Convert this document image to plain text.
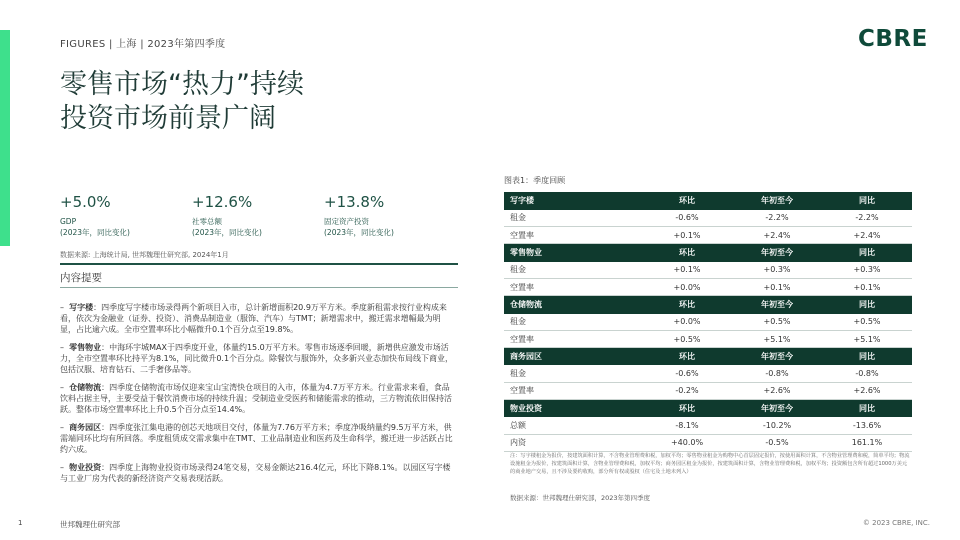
FIGURES | 上海 | 2023年第四季度	CBRE
零售市场“热力”持续
投资市场前景广阔
+5.0%
GDP
(2023年，同比变化)
+12.6%
社零总额
(2023年，同比变化)
+13.8%
固定资产投资
(2023年，同比变化)
数据来源: 上海统计局, 世邦魏理仕研究部, 2024年1月
内容提要
–  写字楼：四季度写字楼市场录得两个新项目入市，总计新增面积20.9万平方米。季度新租需求按行业构成来看，依次为金融业（证券、投资）、消费品制造业（服饰、汽车）与TMT；新增需求中，搬迁需求增幅最为明显，占比逾六成。全市空置率环比小幅微升0.1个百分点至19.8%。
–  零售物业：中海环宇城MAX于四季度开业，体量约15.0万平方米。零售市场逐季回暖，新增供应激发市场活力，全市空置率环比持平为8.1%，同比微升0.1个百分点。除餐饮与服饰外，众多新兴业态加快布局线下商业，包括汉服、培育钻石、二手奢侈品等。
–  仓储物流：四季度仓储物流市场仅迎来宝山宝湾快仓项目的入市，体量为4.7万平方米。行业需求来看，食品饮料占据主导，主要受益于餐饮消费市场的持续升温；受制造业受医药和储能需求的推动，三方物流依旧保持活跃。整体市场空置率环比上升0.5个百分点至14.4%。
–  商务园区：四季度张江集电港的创芯天地项目交付，体量为7.76万平方米；季度净吸纳量约9.5万平方米，供需端同环比均有所回落。季度租赁成交需求集中在TMT、工业品制造业和医药及生命科学，搬迁进一步活跃占比约六成。
–  物业投资：四季度上海物业投资市场录得24笔交易，交易金额达216.4亿元，环比下降8.1%。以园区写字楼与工业厂房为代表的新经济资产交易表现活跃。
图表1：季度回顾
写字楼	环比	年初至今	同比
租金	-0.6%	-2.2%	-2.2%
空置率	+0.1%	+2.4%	+2.4%
零售物业	环比	年初至今	同比
租金	+0.1%	+0.3%	+0.3%
空置率	+0.0%	+0.1%	+0.1%
仓储物流	环比	年初至今	同比
租金	+0.0%	+0.5%	+0.5%
空置率	+0.5%	+5.1%	+5.1%
商务园区	环比	年初至今	同比
租金	-0.6%	-0.8%	-0.8%
空置率	-0.2%	+2.6%	+2.6%
物业投资	环比	年初至今	同比
总额	-8.1%	-10.2%	-13.6%
内资	+40.0%	-0.5%	161.1%
注：写字楼租金为报价，按建筑面积计算，不含物业管理费和税，加权平均；零售物业租金为购物中心首层固定报价，按使用面积计算，不含物业管理费和税，简单平均；物流设施租金为报价，按建筑面积计算，含物业管理费和税，加权平均；商务园区租金为报价，按建筑面积计算，含物业管理费和税，加权平均；投资额包含所有超过1000万美元的商业地产交易，且不涉及要约收购，部分所有权或股权（住宅及土地未列入）
数据来源：世邦魏理仕研究部，2023年第四季度
1	世邦魏理仕研究部	© 2023 CBRE, INC.
